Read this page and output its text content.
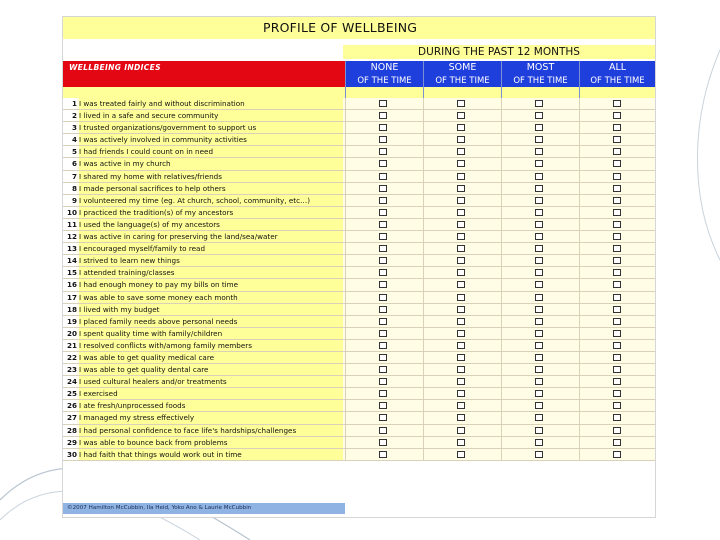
PROFILE OF WELLBEING
DURING THE PAST 12 MONTHS
WELLBEING INDICES	NONE
OF THE TIME
SOME
OF THE TIME
MOST
OF THE TIME
ALL
OF THE TIME
1 I was treated fairly and without discrimination
2 I lived in a safe and secure community
3 I trusted organizations/government to support us
4 I was actively involved in community activities
5 I had friends I could count on in need
6 I was active in my church
7 I shared my home with relatives/friends
8 I made personal sacrifices to help others
9 I volunteered my time (eg. At church, school, community, etc…)
10 I practiced the tradition(s) of my ancestors
11 I used the language(s) of my ancestors
12 I was active in caring for preserving the land/sea/water
13 I encouraged myself/family to read
14 I strived to learn new things
15 I attended training/classes
16 I had enough money to pay my bills on time
17 I was able to save some money each month
18 I lived with my budget
19 I placed family needs above personal needs
20 I spent quality time with family/children
21 I resolved conflicts with/among family members
22 I was able to get quality medical care
23 I was able to get quality dental care
24 I used cultural healers and/or treatments
25 I exercised
26 I ate fresh/unprocessed foods
27 I managed my stress effectively
28 I had personal confidence to face life's hardships/challenges
29 I was able to bounce back from problems
30 I had faith that things would work out in time
©2007 Hamilton McCubbin, Ila Heid, Yoko Ano & Laurie McCubbin
